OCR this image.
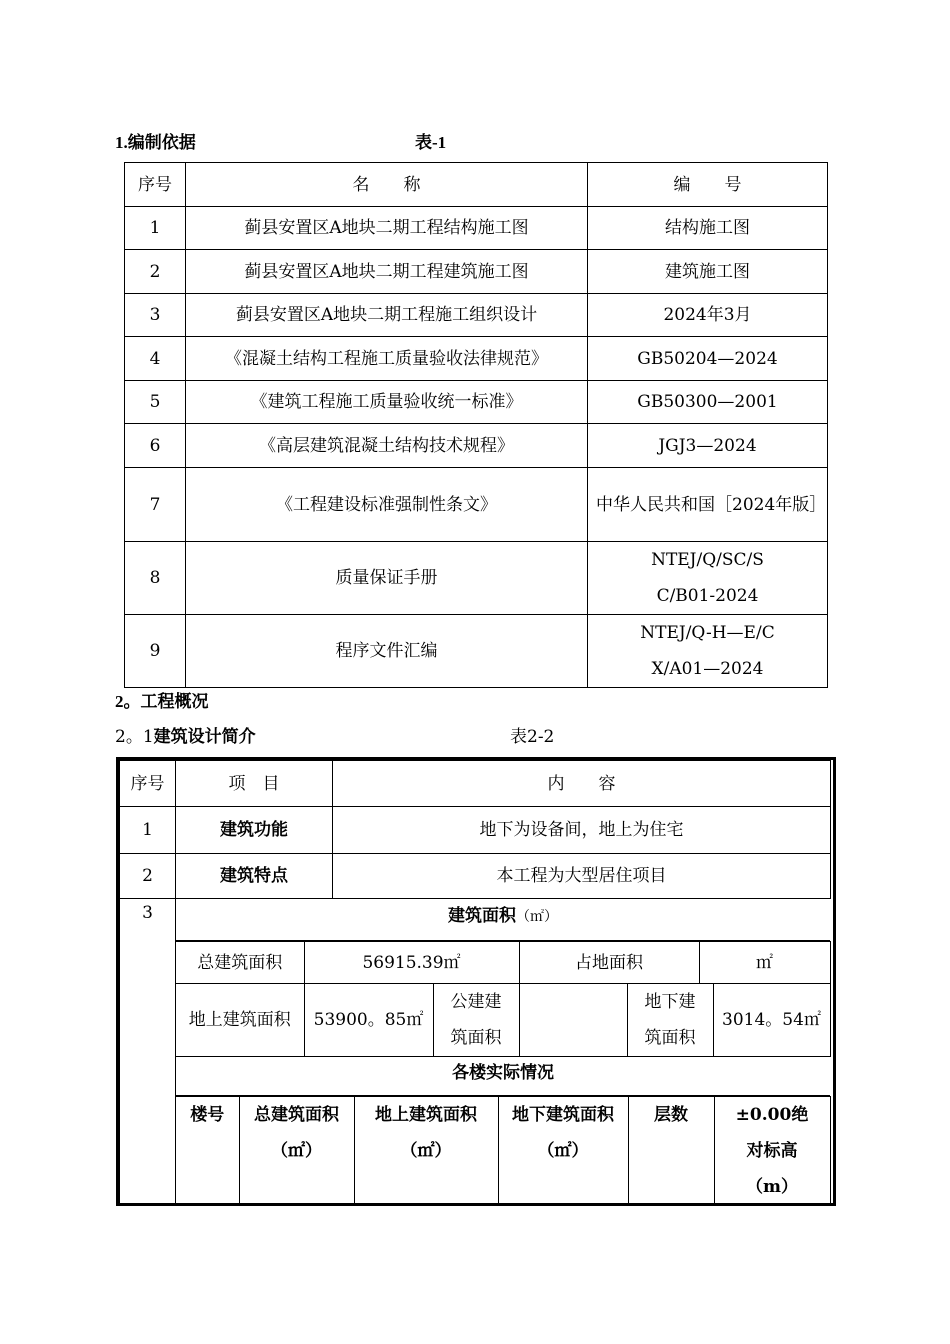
1.编制依据	表-1
序号	名　　称	编　　号
1	蓟县安置区A地块二期工程结构施工图	结构施工图
2	蓟县安置区A地块二期工程建筑施工图	建筑施工图
3	蓟县安置区A地块二期工程施工组织设计	2024年3月
4	《混凝土结构工程施工质量验收法律规范》	GB50204—2024
5	《建筑工程施工质量验收统一标准》	GB50300—2001
6	《高层建筑混凝土结构技术规程》	JGJ3—2024
7	《工程建设标准强制性条文》	中华人民共和国［2024年版］
8	质量保证手册	NTEJ/Q/SC/SC/B01-2024
9	程序文件汇编	NTEJ/Q-H—E/CX/A01—2024
2。工程概况
2。1建筑设计简介	表2-2
序号	项　目	内　　容
1	建筑功能	地下为设备间，地上为住宅
2	建筑特点	本工程为大型居住项目
3	建筑面积（㎡）
总建筑面积	56915.39㎡	占地面积	㎡
地上建筑面积	53900。85㎡	公建建筑面积		地下建筑面积	3014。54㎡
各楼实际情况
楼号	总建筑面积（㎡）	地上建筑面积（㎡）	地下建筑面积（㎡）	层数	±0.00绝对标高（m）
